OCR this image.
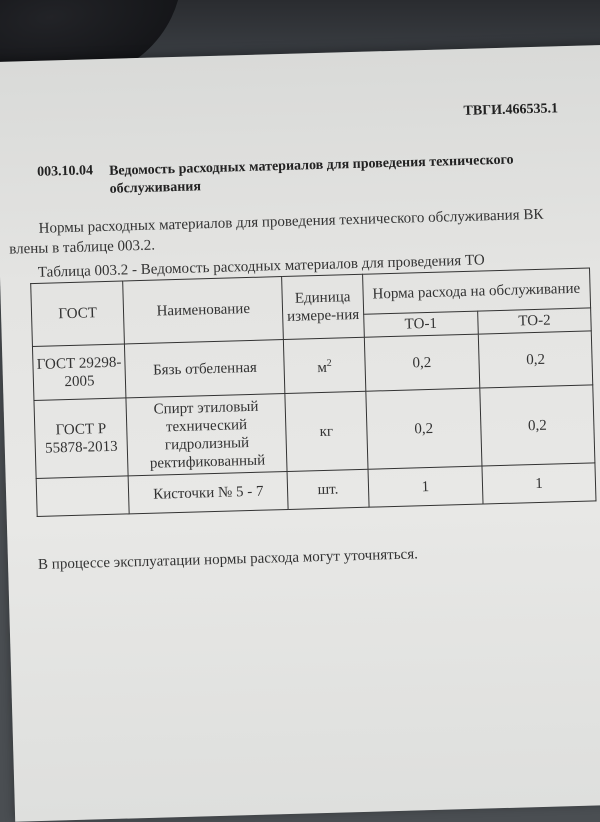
ТВГИ.466535.1
003.10.04 Ведомость расходных материалов для проведения технического обслуживания
Нормы расходных материалов для проведения технического обслуживания ВК
влены в таблице 003.2.
Таблица 003.2 - Ведомость расходных материалов для проведения ТО
ГОСТ	Наименование	Единица измере-ния	Норма расхода на обслуживание	
			ТО-1	ТО-2
ГОСТ 29298-2005	Бязь отбеленная	$м^2$	0,2	0,2
ГОСТ Р 55878-2013	Спирт этиловый технический гидролизный ректификованный	кг	0,2	0,2
	Кисточки № 5 - 7	шт.	1	1
В процессе эксплуатации нормы расхода могут уточняться.
